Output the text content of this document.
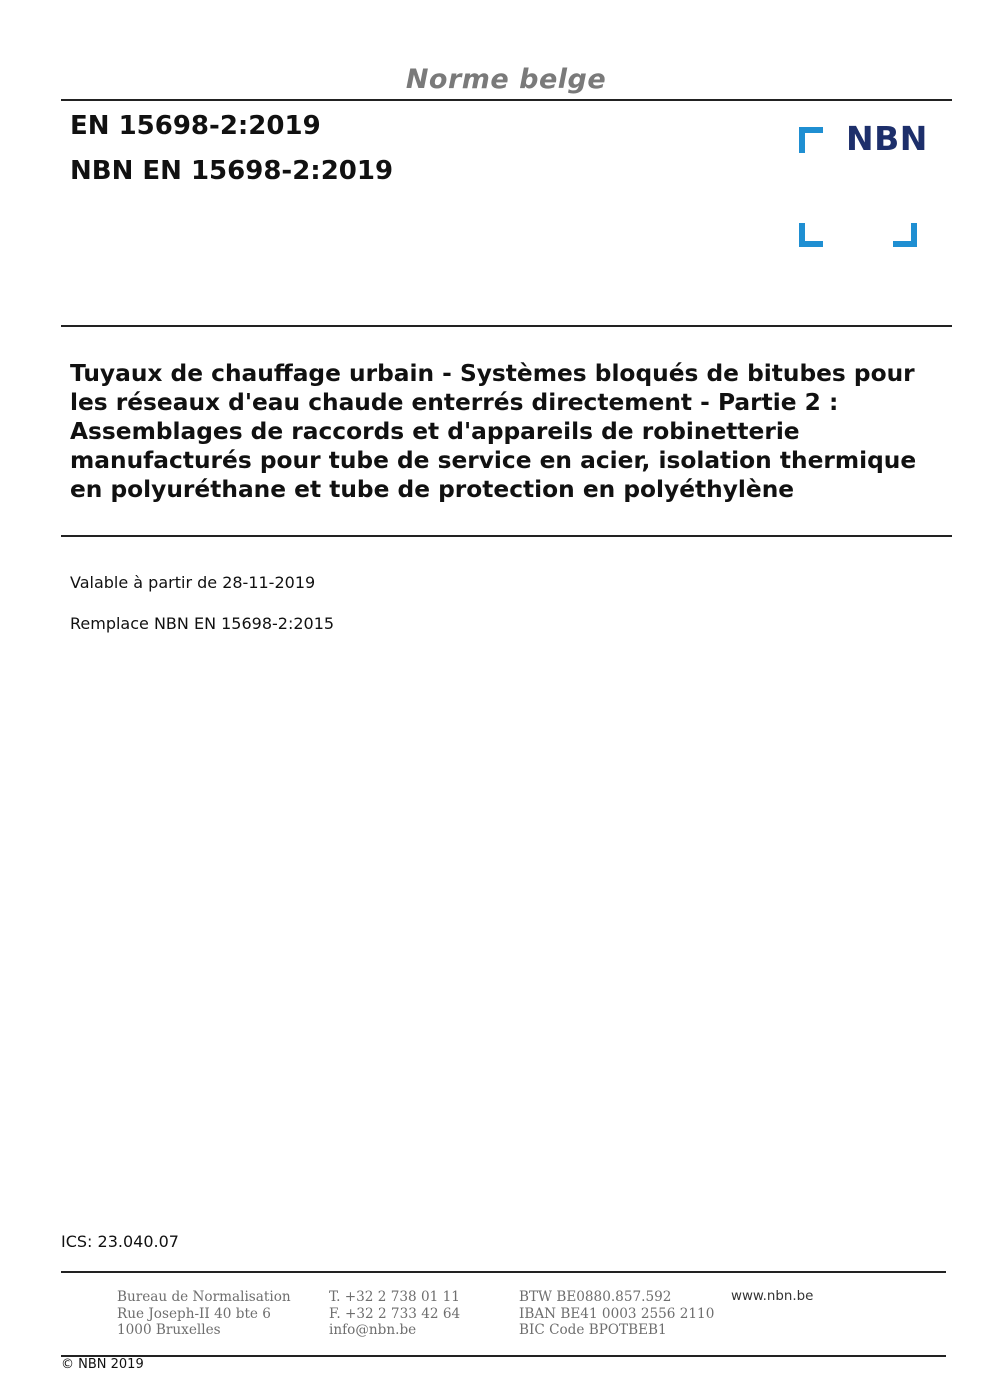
Norme belge
EN 15698-2:2019
NBN EN 15698-2:2019
NBN
Tuyaux de chauffage urbain - Systèmes bloqués de bitubes pour
les réseaux d'eau chaude enterrés directement - Partie 2 :
Assemblages de raccords et d'appareils de robinetterie
manufacturés pour tube de service en acier, isolation thermique
en polyuréthane et tube de protection en polyéthylène
Valable à partir de 28-11-2019
Remplace NBN EN 15698-2:2015
ICS: 23.040.07
Bureau de Normalisation
Rue Joseph-II 40 bte 6
1000 Bruxelles
T. +32 2 738 01 11
F. +32 2 733 42 64
info@nbn.be
BTW BE0880.857.592
IBAN BE41 0003 2556 2110
BIC Code BPOTBEB1
www.nbn.be
© NBN 2019
